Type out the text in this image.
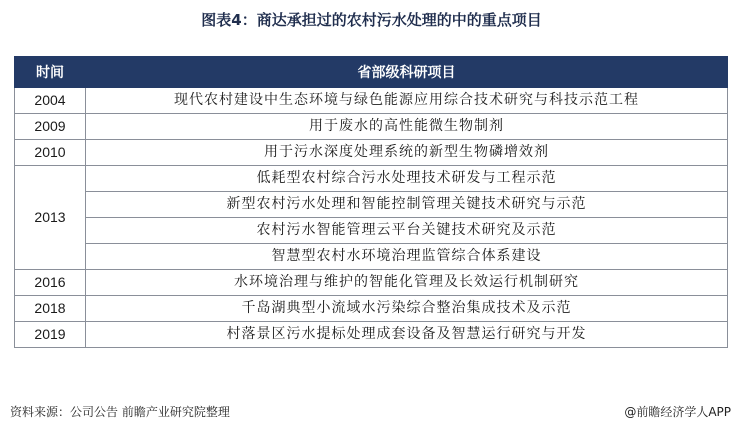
图表4：商达承担过的农村污水处理的中的重点项目
时间	省部级科研项目
2004	现代农村建设中生态环境与绿色能源应用综合技术研究与科技示范工程
2009	用于废水的高性能微生物制剂
2010	用于污水深度处理系统的新型生物磷增效剂
2013	低耗型农村综合污水处理技术研发与工程示范
	新型农村污水处理和智能控制管理关键技术研究与示范
	农村污水智能管理云平台关键技术研究及示范
	智慧型农村水环境治理监管综合体系建设
2016	水环境治理与维护的智能化管理及长效运行机制研究
2018	千岛湖典型小流域水污染综合整治集成技术及示范
2019	村落景区污水提标处理成套设备及智慧运行研究与开发
资料来源：公司公告 前瞻产业研究院整理	@前瞻经济学人APP
